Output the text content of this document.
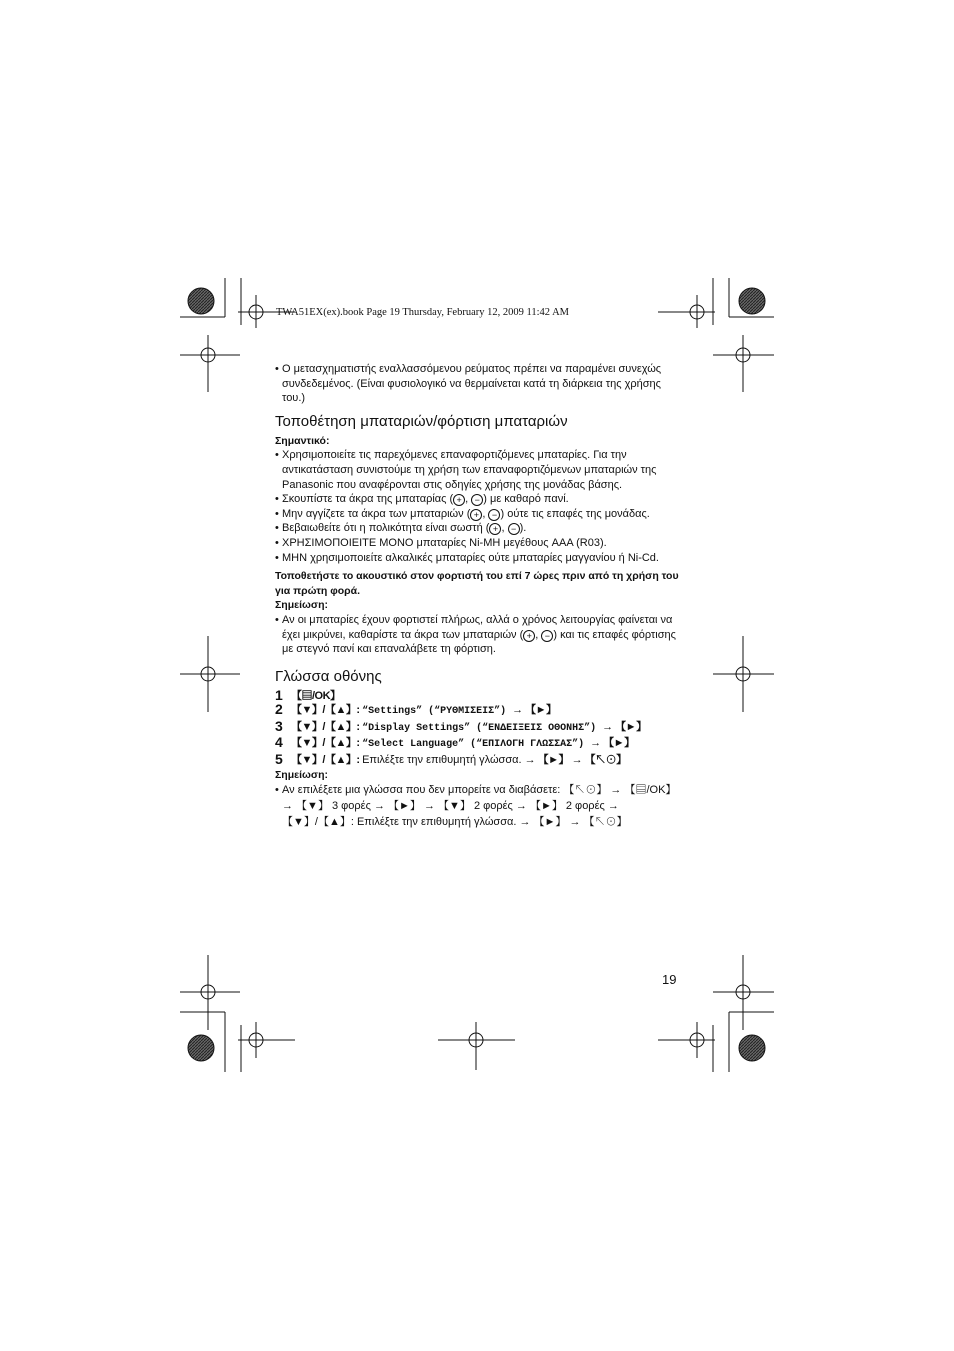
TWA51EX(ex).book Page 19 Thursday, February 12, 2009 11:42 AM
• Ο μετασχηματιστής εναλλασσόμενου ρεύματος πρέπει να παραμένει συνεχώς συνδεδεμένος. (Είναι φυσιολογικό να θερμαίνεται κατά τη διάρκεια της χρήσης του.)
Τοποθέτηση μπαταριών/φόρτιση μπαταριών
Σημαντικό:
• Χρησιμοποιείτε τις παρεχόμενες επαναφορτιζόμενες μπαταρίες. Για την αντικατάσταση συνιστούμε τη χρήση των επαναφορτιζόμενων μπαταριών της Panasonic που αναφέρονται στις οδηγίες χρήσης της μονάδας βάσης.
• Σκουπίστε τα άκρα της μπαταρίας ( + , − ) με καθαρό πανί.
• Μην αγγίζετε τα άκρα των μπαταριών ( + , − ) ούτε τις επαφές της μονάδας.
• Βεβαιωθείτε ότι η πολικότητα είναι σωστή ( + , − ).
• ΧΡΗΣΙΜΟΠΟΙΕΙΤΕ ΜΟΝΟ μπαταρίες Ni-MH μεγέθους AAA (R03).
• ΜΗΝ χρησιμοποιείτε αλκαλικές μπαταρίες ούτε μπαταρίες μαγγανίου ή Ni-Cd.
Τοποθετήστε το ακουστικό στον φορτιστή του επί 7 ώρες πριν από τη χρήση του για πρώτη φορά.
Σημείωση:
• Αν οι μπαταρίες έχουν φορτιστεί πλήρως, αλλά ο χρόνος λειτουργίας φαίνεται να έχει μικρύνει, καθαρίστε τα άκρα των μπαταριών ( + , − ) και τις επαφές φόρτισης με στεγνό πανί και επαναλάβετε τη φόρτιση.
Γλώσσα οθόνης
1 【▤/OK】
2 【▼】/【▲】: “Settings” (“ΡΥΘΜΙΣΕΙΣ”) → 【►】
3 【▼】/【▲】: “Display Settings” (“ΕΝΔΕΙΞΕΙΣ ΟΘΟΝΗΣ”) → 【►】
4 【▼】/【▲】: “Select Language” (“ΕΠΙΛΟΓΗ ΓΛΩΣΣΑΣ”) → 【►】
5 【▼】/【▲】: Επιλέξτε την επιθυμητή γλώσσα. → 【►】 → 【↖⊙】
Σημείωση:
• Αν επιλέξετε μια γλώσσα που δεν μπορείτε να διαβάσετε: 【↖⊙】 → 【▤/OK】
→ 【▼】 3 φορές → 【►】 → 【▼】 2 φορές → 【►】 2 φορές →
【▼】/【▲】: Επιλέξτε την επιθυμητή γλώσσα. → 【►】 → 【↖⊙】
19
